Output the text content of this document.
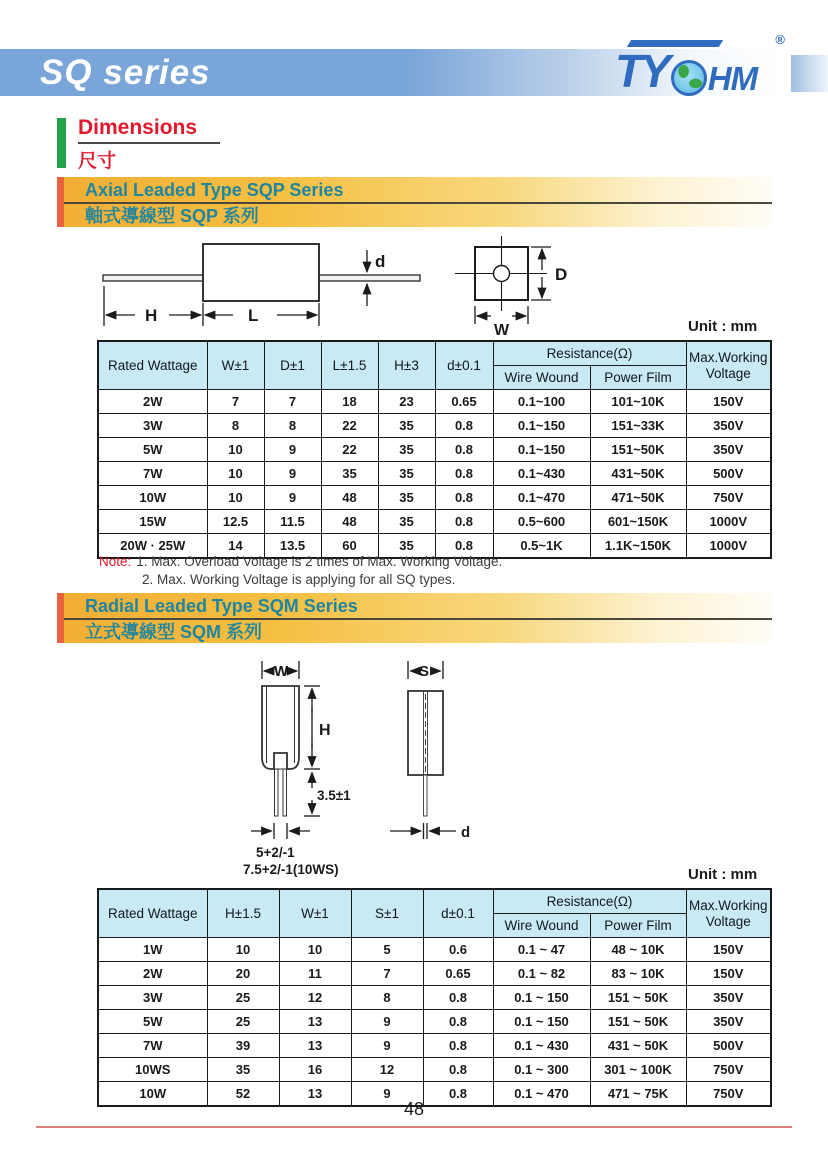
SQ series	TY HM
®
Dimensions
尺寸
Axial Leaded Type SQP Series
軸式導線型 SQP 系列
d
H	L
D
W	Unit : mm
Rated Wattage	W±1	D±1	L±1.5	H±3	d±0.1	Resistance(Ω)		Max.Working Voltage
						Wire Wound	Power Film	
2W	7	7	18	23	0.65	0.1~100	101~10K	150V
3W	8	8	22	35	0.8	0.1~150	151~33K	350V
5W	10	9	22	35	0.8	0.1~150	151~50K	350V
7W	10	9	35	35	0.8	0.1~430	431~50K	500V
10W	10	9	48	35	0.8	0.1~470	471~50K	750V
15W	12.5	11.5	48	35	0.8	0.5~600	601~150K	1000V
20W · 25W	14	13.5	60	35	0.8	0.5~1K	1.1K~150K	1000V
Note: 1. Max. Overload Voltage is 2 times of Max. Working Voltage.
2. Max. Working Voltage is applying for all SQ types.
Radial Leaded Type SQM Series
立式導線型 SQM 系列
W	S
H
3.5±1
5+2/-1
7.5+2/-1(10WS)
d
Unit : mm
Rated Wattage	H±1.5	W±1	S±1	d±0.1	Resistance(Ω)		Max.Working Voltage
					Wire Wound	Power Film	
1W	10	10	5	0.6	0.1 ~ 47	48 ~ 10K	150V
2W	20	11	7	0.65	0.1 ~ 82	83 ~ 10K	150V
3W	25	12	8	0.8	0.1 ~ 150	151 ~ 50K	350V
5W	25	13	9	0.8	0.1 ~ 150	151 ~ 50K	350V
7W	39	13	9	0.8	0.1 ~ 430	431 ~ 50K	500V
10WS	35	16	12	0.8	0.1 ~ 300	301 ~ 100K	750V
10W	52	13	9	0.8	0.1 ~ 470	471 ~ 75K	750V
48
